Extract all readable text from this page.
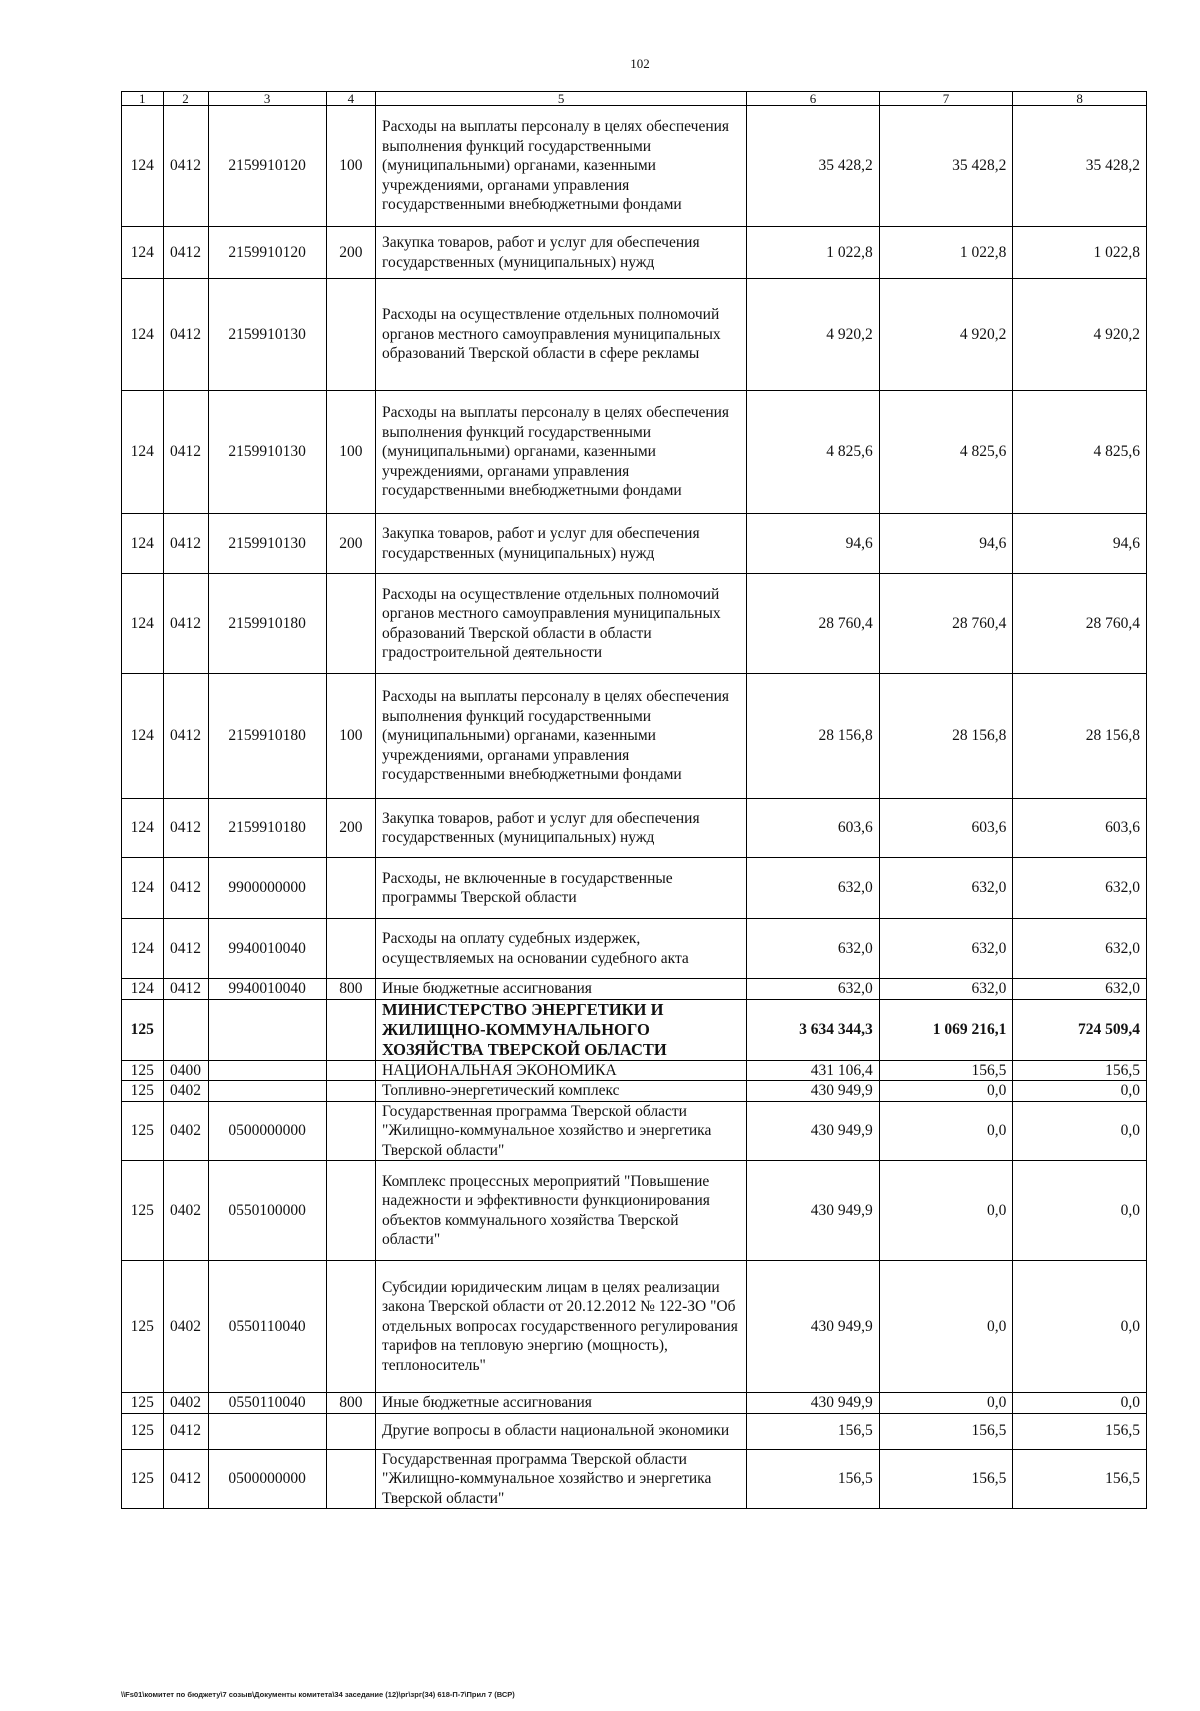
102
1	2	3	4	5	6	7	8
124	0412	2159910120	100	Расходы на выплаты персоналу в целях обеспечения выполнения функций государственными (муниципальными) органами, казенными учреждениями, органами управления государственными внебюджетными фондами	35 428,2	35 428,2	35 428,2
124	0412	2159910120	200	Закупка товаров, работ и услуг для обеспечения государственных (муниципальных) нужд	1 022,8	1 022,8	1 022,8
124	0412	2159910130		Расходы на осуществление отдельных полномочий органов местного самоуправления муниципальных образований Тверской области в сфере рекламы	4 920,2	4 920,2	4 920,2
124	0412	2159910130	100	Расходы на выплаты персоналу в целях обеспечения выполнения функций государственными (муниципальными) органами, казенными учреждениями, органами управления государственными внебюджетными фондами	4 825,6	4 825,6	4 825,6
124	0412	2159910130	200	Закупка товаров, работ и услуг для обеспечения государственных (муниципальных) нужд	94,6	94,6	94,6
124	0412	2159910180		Расходы на осуществление отдельных полномочий органов местного самоуправления муниципальных образований Тверской области в области градостроительной деятельности	28 760,4	28 760,4	28 760,4
124	0412	2159910180	100	Расходы на выплаты персоналу в целях обеспечения выполнения функций государственными (муниципальными) органами, казенными учреждениями, органами управления государственными внебюджетными фондами	28 156,8	28 156,8	28 156,8
124	0412	2159910180	200	Закупка товаров, работ и услуг для обеспечения государственных (муниципальных) нужд	603,6	603,6	603,6
124	0412	9900000000		Расходы, не включенные в государственные программы Тверской области	632,0	632,0	632,0
124	0412	9940010040		Расходы на оплату судебных издержек, осуществляемых на основании судебного акта	632,0	632,0	632,0
124	0412	9940010040	800	Иные бюджетные ассигнования	632,0	632,0	632,0
125				МИНИСТЕРСТВО ЭНЕРГЕТИКИ И ЖИЛИЩНО-КОММУНАЛЬНОГО ХОЗЯЙСТВА ТВЕРСКОЙ ОБЛАСТИ	3 634 344,3	1 069 216,1	724 509,4
125	0400			НАЦИОНАЛЬНАЯ ЭКОНОМИКА	431 106,4	156,5	156,5
125	0402			Топливно-энергетический комплекс	430 949,9	0,0	0,0
125	0402	0500000000		Государственная программа Тверской области "Жилищно-коммунальное хозяйство и энергетика Тверской области"	430 949,9	0,0	0,0
125	0402	0550100000		Комплекс процессных мероприятий "Повышение надежности и эффективности функционирования объектов коммунального хозяйства Тверской области"	430 949,9	0,0	0,0
125	0402	0550110040		Субсидии юридическим лицам в целях реализации закона Тверской области от 20.12.2012 № 122-ЗО "Об отдельных вопросах государственного регулирования тарифов на тепловую энергию (мощность), теплоноситель"	430 949,9	0,0	0,0
125	0402	0550110040	800	Иные бюджетные ассигнования	430 949,9	0,0	0,0
125	0412			Другие вопросы в области национальной экономики	156,5	156,5	156,5
125	0412	0500000000		Государственная программа Тверской области "Жилищно-коммунальное хозяйство и энергетика Тверской области"	156,5	156,5	156,5
\\Fs01\комитет по бюджету\7 созыв\Документы комитета\34 заседание (12)\рг\зрг(34) 618-П-7\Прил 7 (ВСР)
